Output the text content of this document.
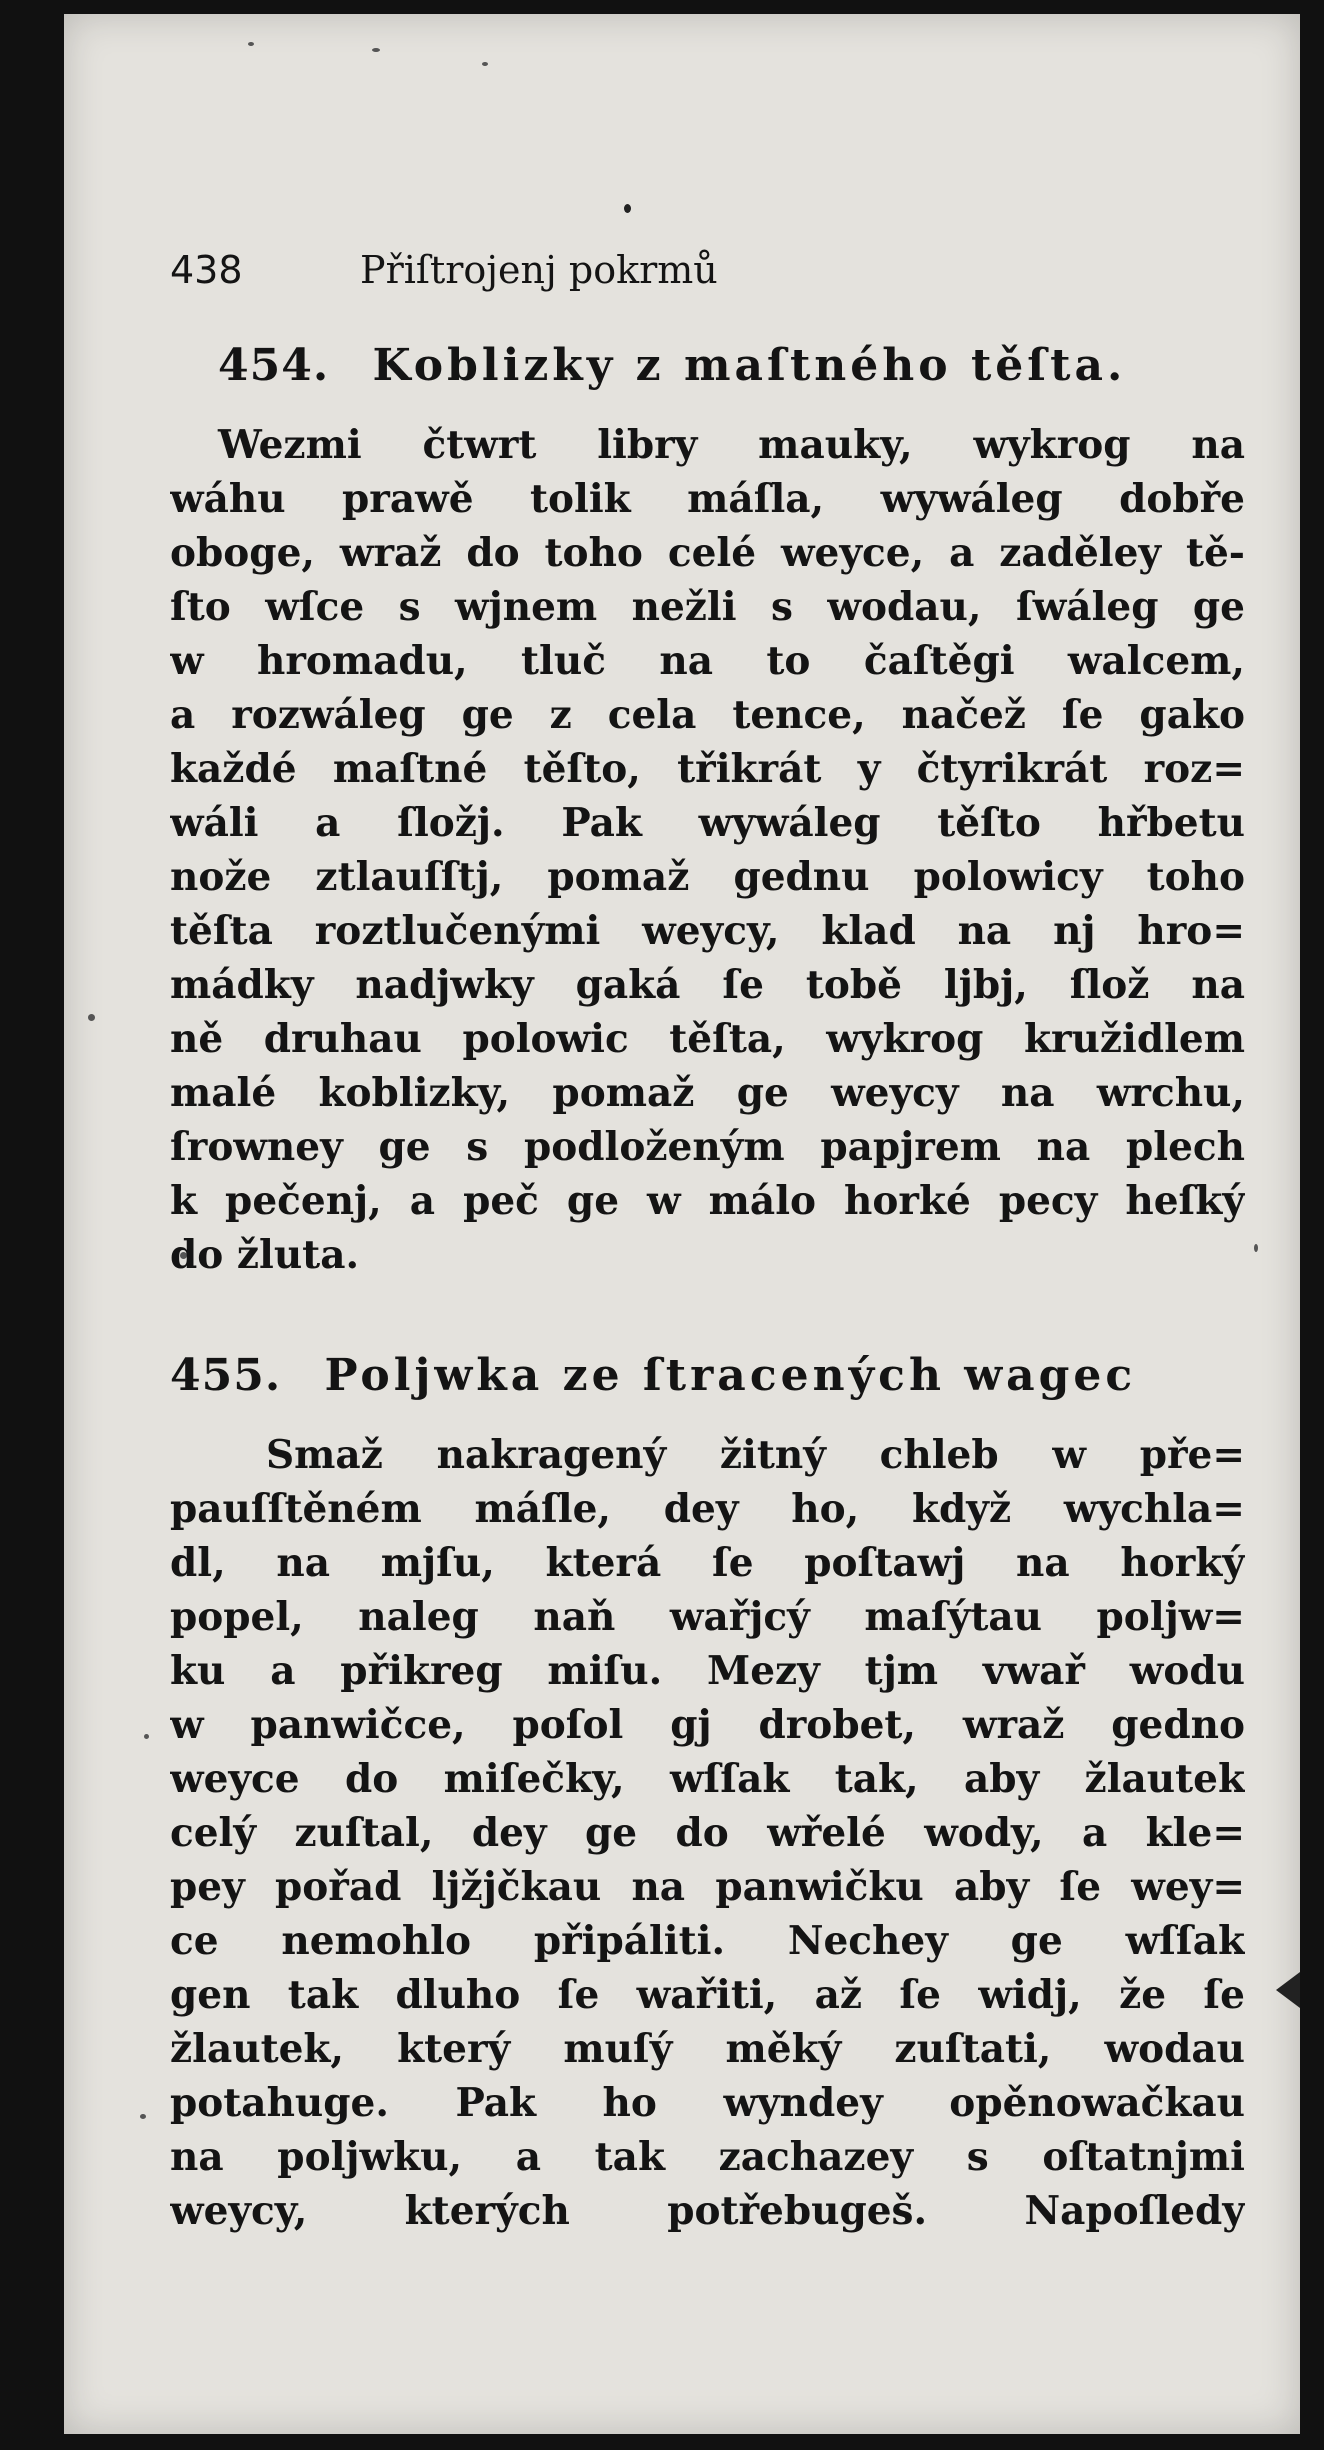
438	Přiſtrojenj pokrmů
454. Koblizky z maſtného těſta.
Wezmi čtwrt libry mauky, wykrog na
wáhu prawě tolik máſla, wywáleg dobře
oboge, wraž do toho celé weyce, a zaděley tě-
ſto wſce s wjnem nežli s wodau, ſwáleg ge
w hromadu, tluč na to čaſtěgi walcem,
a rozwáleg ge z cela tence, načež ſe gako
každé maſtné těſto, třikrát y čtyrikrát roz=
wáli a ſložj. Pak wywáleg těſto hřbetu
nože ztlauſſtj, pomaž gednu polowicy toho
těſta roztlučenými weycy, klad na nj hro=
mádky nadjwky gaká ſe tobě ljbj, ſlož na
ně druhau polowic těſta, wykrog kružidlem
malé koblizky, pomaž ge weycy na wrchu,
ſrowney ge s podloženým papjrem na plech
k pečenj, a peč ge w málo horké pecy heſký
do žluta.
455. Poljwka ze ſtracených wagec
Smaž nakragený žitný chleb w pře=
pauſſtěném máſle, dey ho, když wychla=
dl, na mjſu, která ſe poſtawj na horký
popel, naleg naň wařjcý maſýtau poljw=
ku a přikreg miſu. Mezy tjm vwař wodu
w panwičce, poſol gj drobet, wraž gedno
weyce do miſečky, wſſak tak, aby žlautek
celý zuſtal, dey ge do wřelé wody, a kle=
pey pořad ljžjčkau na panwičku aby ſe wey=
ce nemohlo připáliti. Nechey ge wſſak
gen tak dluho ſe wařiti, až ſe widj, že ſe
žlautek, který muſý měký zuſtati, wodau
potahuge. Pak ho wyndey opěnowačkau
na poljwku, a tak zachazey s oſtatnjmi
weycy, kterých potřebugeš. Napoſledy
